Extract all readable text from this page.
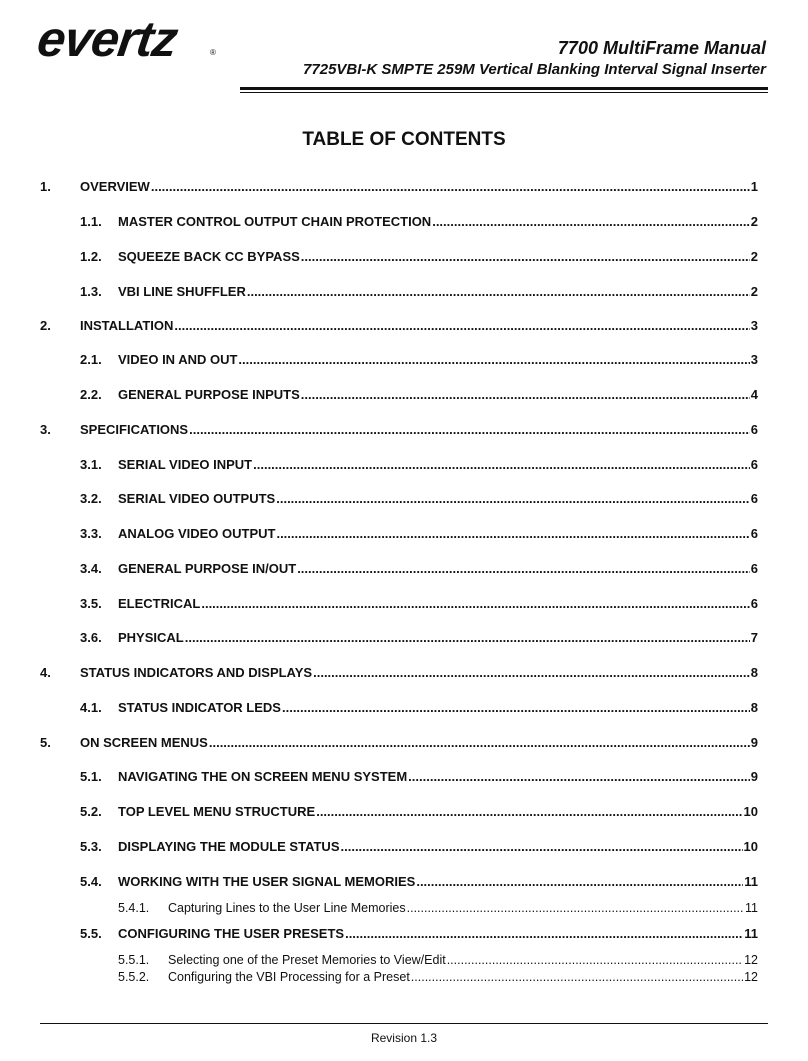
evertz	®	7700 MultiFrame Manual
7725VBI-K SMPTE 259M Vertical Blanking Interval Signal Inserter
TABLE OF CONTENTS
1. OVERVIEW .....	1
1.1. MASTER CONTROL OUTPUT CHAIN PROTECTION .....	2
1.2. SQUEEZE BACK CC BYPASS .....	2
1.3. VBI LINE SHUFFLER .....	2
2. INSTALLATION .....	3
2.1. VIDEO IN AND OUT .....	3
2.2. GENERAL PURPOSE INPUTS .....	4
3. SPECIFICATIONS .....	6
3.1. SERIAL VIDEO INPUT .....	6
3.2. SERIAL VIDEO OUTPUTS .....	6
3.3. ANALOG VIDEO OUTPUT .....	6
3.4. GENERAL PURPOSE IN/OUT .....	6
3.5. ELECTRICAL .....	6
3.6. PHYSICAL .....	7
4. STATUS INDICATORS AND DISPLAYS .....	8
4.1. STATUS INDICATOR LEDS .....	8
5. ON SCREEN MENUS .....	9
5.1. NAVIGATING THE ON SCREEN MENU SYSTEM .....	9
5.2. TOP LEVEL MENU STRUCTURE .....	10
5.3. DISPLAYING THE MODULE STATUS .....	10
5.4. WORKING WITH THE USER SIGNAL MEMORIES .....	11
5.4.1. Capturing Lines to the User Line Memories .....	11
5.5. CONFIGURING THE USER PRESETS .....	11
5.5.1. Selecting one of the Preset Memories to View/Edit .....	12
5.5.2. Configuring the VBI Processing for a Preset .....	12
Revision 1.3
